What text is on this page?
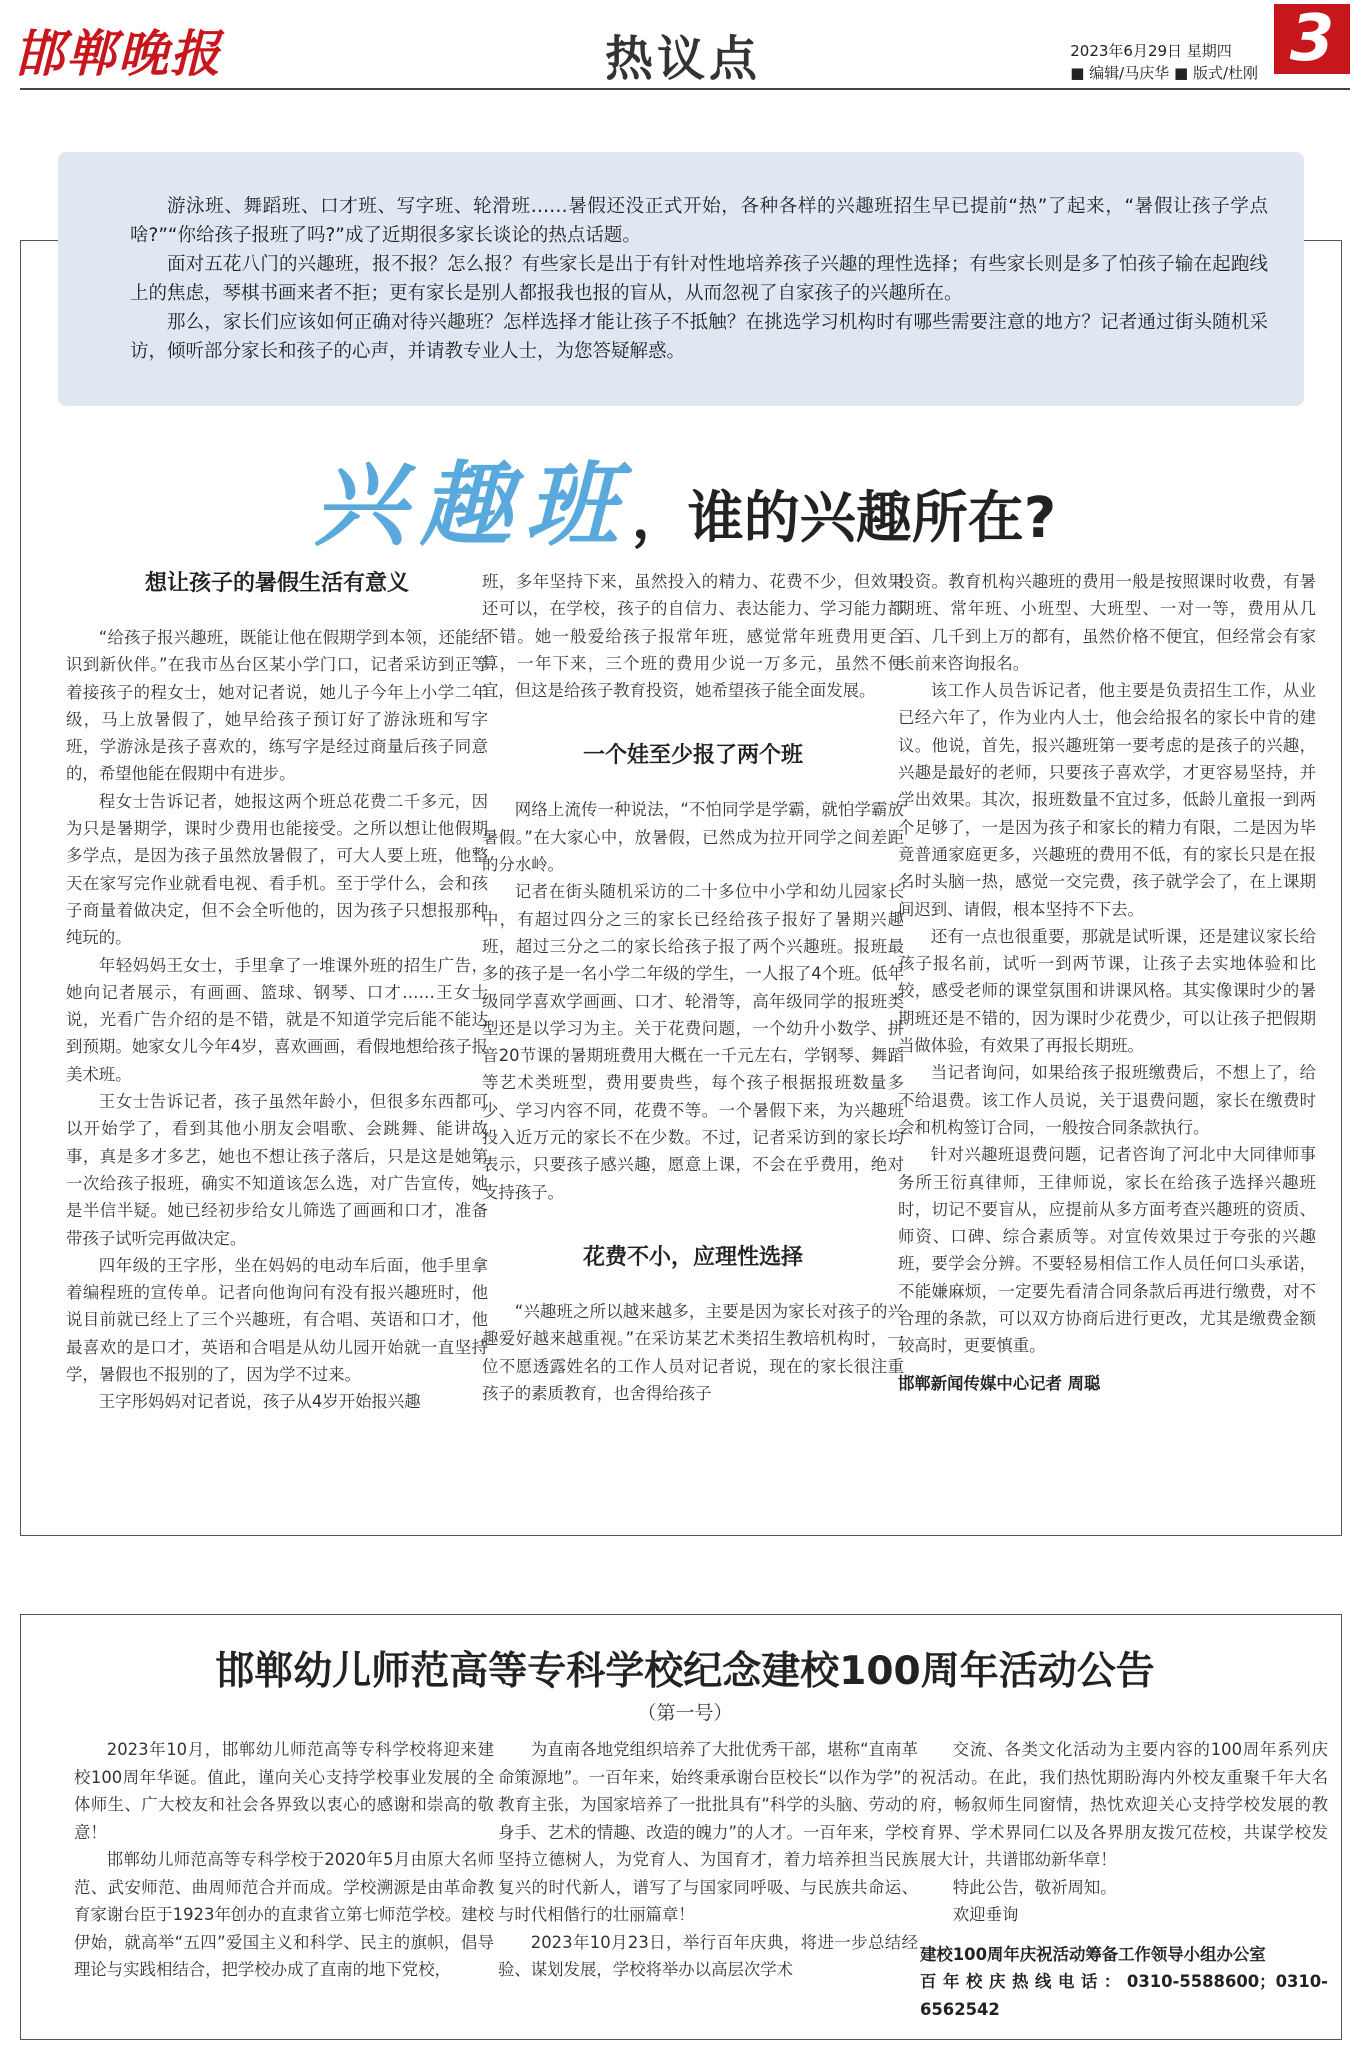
邯郸晚报	热议点	2023年6月29日 星期四
■ 编辑/马庆华 ■ 版式/杜刚 3

游泳班、舞蹈班、口才班、写字班、轮滑班……暑假还没正式开始，各种各样的兴趣班招生早已提前“热”了起来，“暑假让孩子学点啥?”“你给孩子报班了吗?”成了近期很多家长谈论的热点话题。

面对五花八门的兴趣班，报不报？怎么报？有些家长是出于有针对性地培养孩子兴趣的理性选择；有些家长则是多了怕孩子输在起跑线上的焦虑，琴棋书画来者不拒；更有家长是别人都报我也报的盲从，从而忽视了自家孩子的兴趣所在。

那么，家长们应该如何正确对待兴趣班？怎样选择才能让孩子不抵触？在挑选学习机构时有哪些需要注意的地方？记者通过街头随机采访，倾听部分家长和孩子的心声，并请教专业人士，为您答疑解惑。

兴趣班，谁的兴趣所在?
想让孩子的暑假生活有意义

“给孩子报兴趣班，既能让他在假期学到本领，还能结识到新伙伴。”在我市丛台区某小学门口，记者采访到正等着接孩子的程女士，她对记者说，她儿子今年上小学二年级，马上放暑假了，她早给孩子预订好了游泳班和写字班，学游泳是孩子喜欢的，练写字是经过商量后孩子同意的，希望他能在假期中有进步。

程女士告诉记者，她报这两个班总花费二千多元，因为只是暑期学，课时少费用也能接受。之所以想让他假期多学点，是因为孩子虽然放暑假了，可大人要上班，他整天在家写完作业就看电视、看手机。至于学什么，会和孩子商量着做决定，但不会全听他的，因为孩子只想报那种纯玩的。

年轻妈妈王女士，手里拿了一堆课外班的招生广告，她向记者展示，有画画、篮球、钢琴、口才……王女士说，光看广告介绍的是不错，就是不知道学完后能不能达到预期。她家女儿今年4岁，喜欢画画，看假地想给孩子报美术班。

王女士告诉记者，孩子虽然年龄小，但很多东西都可以开始学了，看到其他小朋友会唱歌、会跳舞、能讲故事，真是多才多艺，她也不想让孩子落后，只是这是她第一次给孩子报班，确实不知道该怎么选，对广告宣传，她是半信半疑。她已经初步给女儿筛选了画画和口才，准备带孩子试听完再做决定。

四年级的王字彤，坐在妈妈的电动车后面，他手里拿着编程班的宣传单。记者向他询问有没有报兴趣班时，他说目前就已经上了三个兴趣班，有合唱、英语和口才，他最喜欢的是口才，英语和合唱是从幼儿园开始就一直坚持学，暑假也不报别的了，因为学不过来。

王字彤妈妈对记者说，孩子从4岁开始报兴趣

班，多年坚持下来，虽然投入的精力、花费不少，但效果还可以，在学校，孩子的自信力、表达能力、学习能力都不错。她一般爱给孩子报常年班，感觉常年班费用更合算，一年下来，三个班的费用少说一万多元，虽然不便宜，但这是给孩子教育投资，她希望孩子能全面发展。

一个娃至少报了两个班

网络上流传一种说法，“不怕同学是学霸，就怕学霸放暑假。”在大家心中，放暑假，已然成为拉开同学之间差距的分水岭。

记者在街头随机采访的二十多位中小学和幼儿园家长中，有超过四分之三的家长已经给孩子报好了暑期兴趣班，超过三分之二的家长给孩子报了两个兴趣班。报班最多的孩子是一名小学二年级的学生，一人报了4个班。低年级同学喜欢学画画、口才、轮滑等，高年级同学的报班类型还是以学习为主。关于花费问题，一个幼升小数学、拼音20节课的暑期班费用大概在一千元左右，学钢琴、舞蹈等艺术类班型，费用要贵些，每个孩子根据报班数量多少、学习内容不同，花费不等。一个暑假下来，为兴趣班投入近万元的家长不在少数。不过，记者采访到的家长均表示，只要孩子感兴趣，愿意上课，不会在乎费用，绝对支持孩子。

花费不小，应理性选择

“兴趣班之所以越来越多，主要是因为家长对孩子的兴趣爱好越来越重视。”在采访某艺术类招生教培机构时，一位不愿透露姓名的工作人员对记者说，现在的家长很注重孩子的素质教育，也舍得给孩子

投资。教育机构兴趣班的费用一般是按照课时收费，有暑期班、常年班、小班型、大班型、一对一等，费用从几百、几千到上万的都有，虽然价格不便宜，但经常会有家长前来咨询报名。

该工作人员告诉记者，他主要是负责招生工作，从业已经六年了，作为业内人士，他会给报名的家长中肯的建议。他说，首先，报兴趣班第一要考虑的是孩子的兴趣，兴趣是最好的老师，只要孩子喜欢学，才更容易坚持，并学出效果。其次，报班数量不宜过多，低龄儿童报一到两个足够了，一是因为孩子和家长的精力有限，二是因为毕竟普通家庭更多，兴趣班的费用不低，有的家长只是在报名时头脑一热，感觉一交完费，孩子就学会了，在上课期间迟到、请假，根本坚持不下去。

还有一点也很重要，那就是试听课，还是建议家长给孩子报名前，试听一到两节课，让孩子去实地体验和比较，感受老师的课堂氛围和讲课风格。其实像课时少的暑期班还是不错的，因为课时少花费少，可以让孩子把假期当做体验，有效果了再报长期班。

当记者询问，如果给孩子报班缴费后，不想上了，给不给退费。该工作人员说，关于退费问题，家长在缴费时会和机构签订合同，一般按合同条款执行。

针对兴趣班退费问题，记者咨询了河北中大同律师事务所王衍真律师，王律师说，家长在给孩子选择兴趣班时，切记不要盲从，应提前从多方面考查兴趣班的资质、师资、口碑、综合素质等。对宣传效果过于夸张的兴趣班，要学会分辨。不要轻易相信工作人员任何口头承诺，不能嫌麻烦，一定要先看清合同条款后再进行缴费，对不合理的条款，可以双方协商后进行更改，尤其是缴费金额较高时，更要慎重。

邯郸新闻传媒中心记者 周聪

邯郸幼儿师范高等专科学校纪念建校100周年活动公告
（第一号）

2023年10月，邯郸幼儿师范高等专科学校将迎来建校100周年华诞。值此，谨向关心支持学校事业发展的全体师生、广大校友和社会各界致以衷心的感谢和崇高的敬意！

邯郸幼儿师范高等专科学校于2020年5月由原大名师范、武安师范、曲周师范合并而成。学校溯源是由革命教育家谢台臣于1923年创办的直隶省立第七师范学校。建校伊始，就高举“五四”爱国主义和科学、民主的旗帜，倡导理论与实践相结合，把学校办成了直南的地下党校，

为直南各地党组织培养了大批优秀干部，堪称“直南革命策源地”。一百年来，始终秉承谢台臣校长“以作为学”的教育主张，为国家培养了一批批具有“科学的头脑、劳动的身手、艺术的情趣、改造的魄力”的人才。一百年来，学校坚持立德树人，为党育人、为国育才，着力培养担当民族复兴的时代新人，谱写了与国家同呼吸、与民族共命运、与时代相偕行的壮丽篇章！

2023年10月23日，举行百年庆典，将进一步总结经验、谋划发展，学校将举办以高层次学术

交流、各类文化活动为主要内容的100周年系列庆祝活动。在此，我们热忱期盼海内外校友重聚千年大名府，畅叙师生同窗情，热忱欢迎关心支持学校发展的教育界、学术界同仁以及各界朋友拨冗莅校，共谋学校发展大计，共谱邯幼新华章！

特此公告，敬祈周知。

欢迎垂询

建校100周年庆祝活动筹备工作领导小组办公室

百年校庆热线电话：0310-5588600；0310-6562542
